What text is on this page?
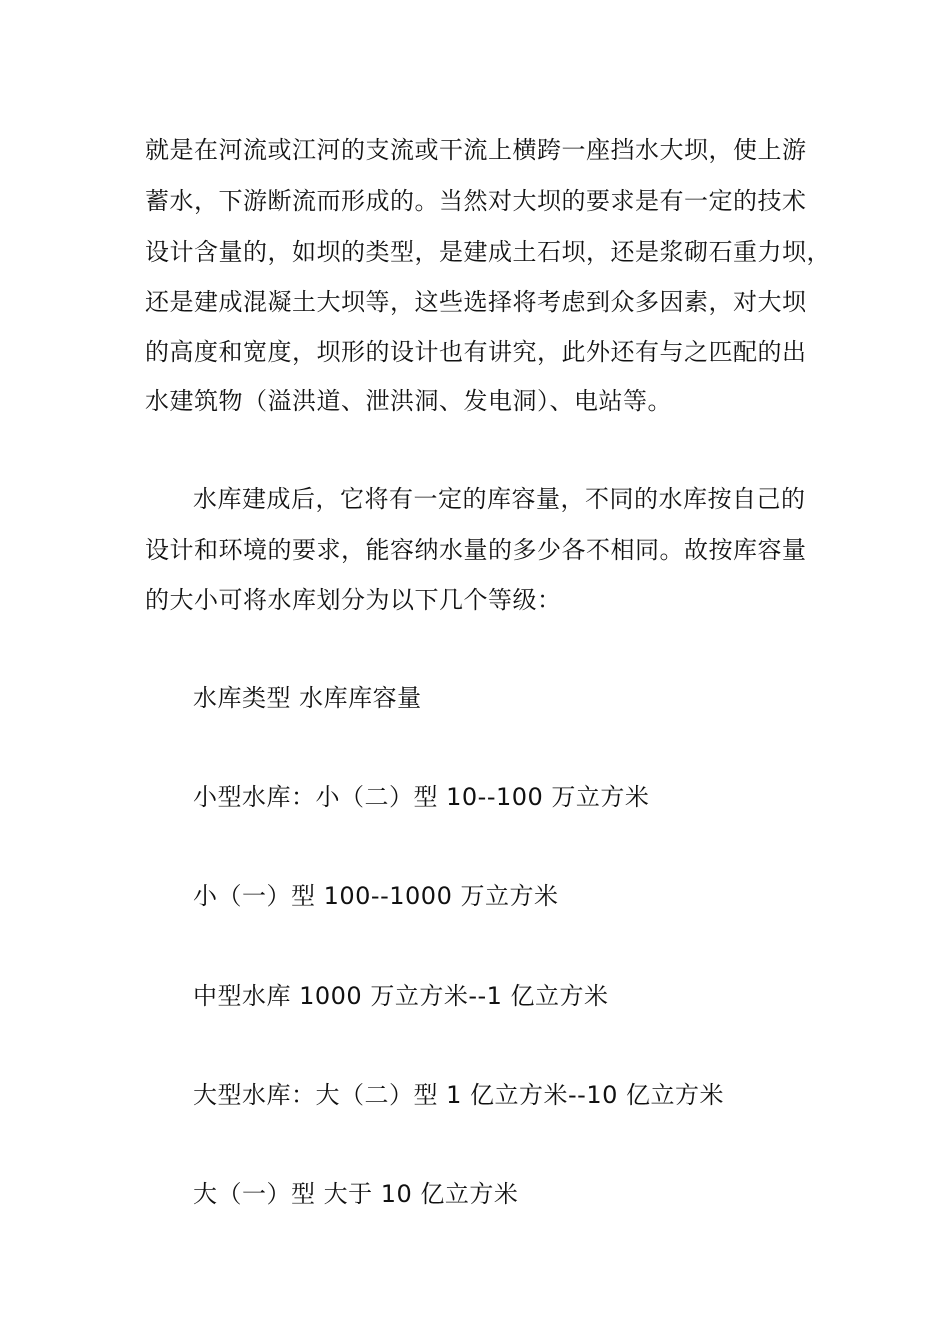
就是在河流或江河的支流或干流上横跨一座挡水大坝，使上游
蓄水，下游断流而形成的。当然对大坝的要求是有一定的技术
设计含量的，如坝的类型，是建成土石坝，还是浆砌石重力坝，
还是建成混凝土大坝等，这些选择将考虑到众多因素，对大坝
的高度和宽度，坝形的设计也有讲究，此外还有与之匹配的出
水建筑物（溢洪道、泄洪洞、发电洞）、电站等。
水库建成后，它将有一定的库容量，不同的水库按自己的
设计和环境的要求，能容纳水量的多少各不相同。故按库容量
的大小可将水库划分为以下几个等级：
水库类型 水库库容量
小型水库：小（二）型 10--100 万立方米
小（一）型 100--1000 万立方米
中型水库 1000 万立方米--1 亿立方米
大型水库：大（二）型 1 亿立方米--10 亿立方米
大（一）型 大于 10 亿立方米
